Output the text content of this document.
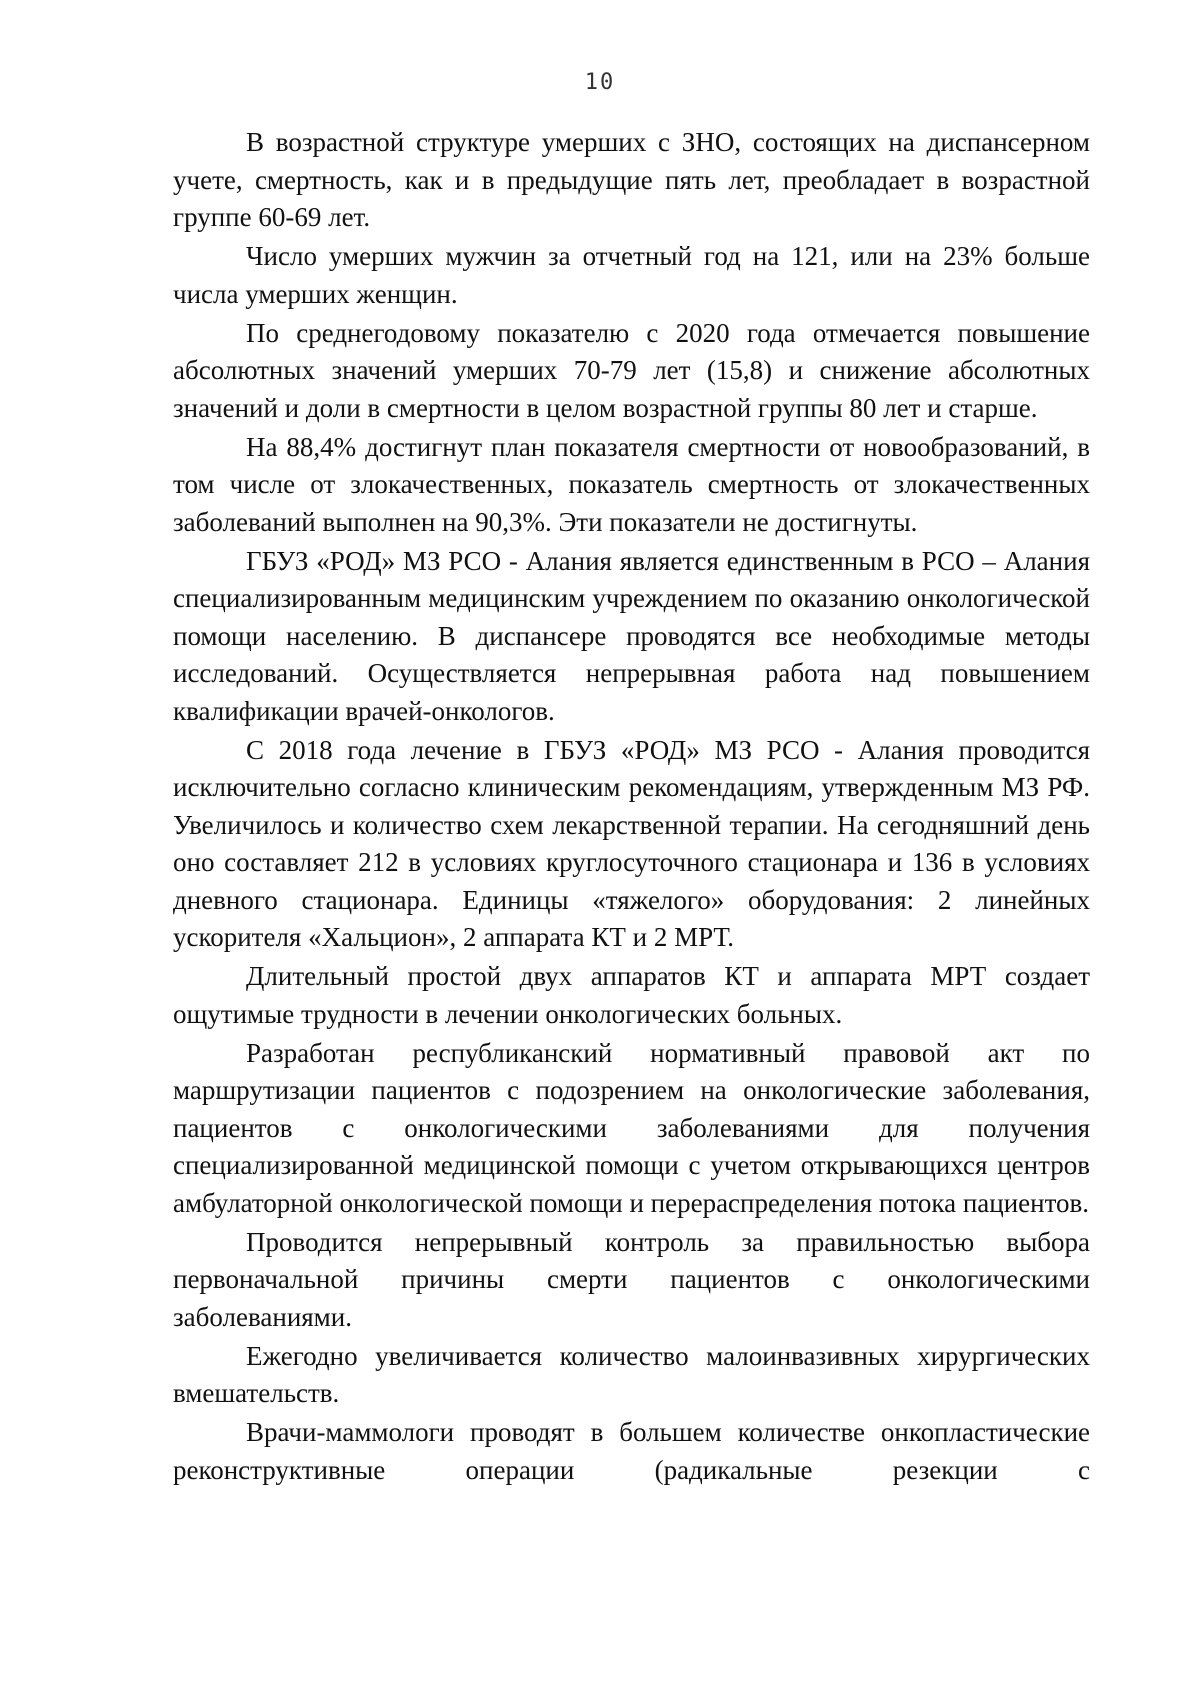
10

В возрастной структуре умерших с ЗНО, состоящих на диспансерном учете, смертность, как и в предыдущие пять лет, преобладает в возрастной группе 60-69 лет.

Число умерших мужчин за отчетный год на 121, или на 23% больше числа умерших женщин.

По среднегодовому показателю с 2020 года отмечается повышение абсолютных значений умерших 70-79 лет (15,8) и снижение абсолютных значений и доли в смертности в целом возрастной группы 80 лет и старше.

На 88,4% достигнут план показателя смертности от новообразований, в том числе от злокачественных, показатель смертность от злокачественных заболеваний выполнен на 90,3%. Эти показатели не достигнуты.

ГБУЗ «РОД» МЗ РСО - Алания является единственным в РСО – Алания специализированным медицинским учреждением по оказанию онкологической помощи населению. В диспансере проводятся все необходимые методы исследований. Осуществляется непрерывная работа над повышением квалификации врачей-онкологов.

С 2018 года лечение в ГБУЗ «РОД» МЗ РСО - Алания проводится исключительно согласно клиническим рекомендациям, утвержденным МЗ РФ. Увеличилось и количество схем лекарственной терапии. На сегодняшний день оно составляет 212 в условиях круглосуточного стационара и 136 в условиях дневного стационара. Единицы «тяжелого» оборудования: 2 линейных ускорителя «Хальцион», 2 аппарата КТ и 2 МРТ.

Длительный простой двух аппаратов КТ и аппарата МРТ создает ощутимые трудности в лечении онкологических больных.

Разработан республиканский нормативный правовой акт по маршрутизации пациентов с подозрением на онкологические заболевания, пациентов с онкологическими заболеваниями для получения специализированной медицинской помощи с учетом открывающихся центров амбулаторной онкологической помощи и перераспределения потока пациентов.

Проводится непрерывный контроль за правильностью выбора первоначальной причины смерти пациентов с онкологическими заболеваниями.

Ежегодно увеличивается количество малоинвазивных хирургических вмешательств.

Врачи-маммологи проводят в большем количестве онкопластические реконструктивные операции (радикальные резекции с
